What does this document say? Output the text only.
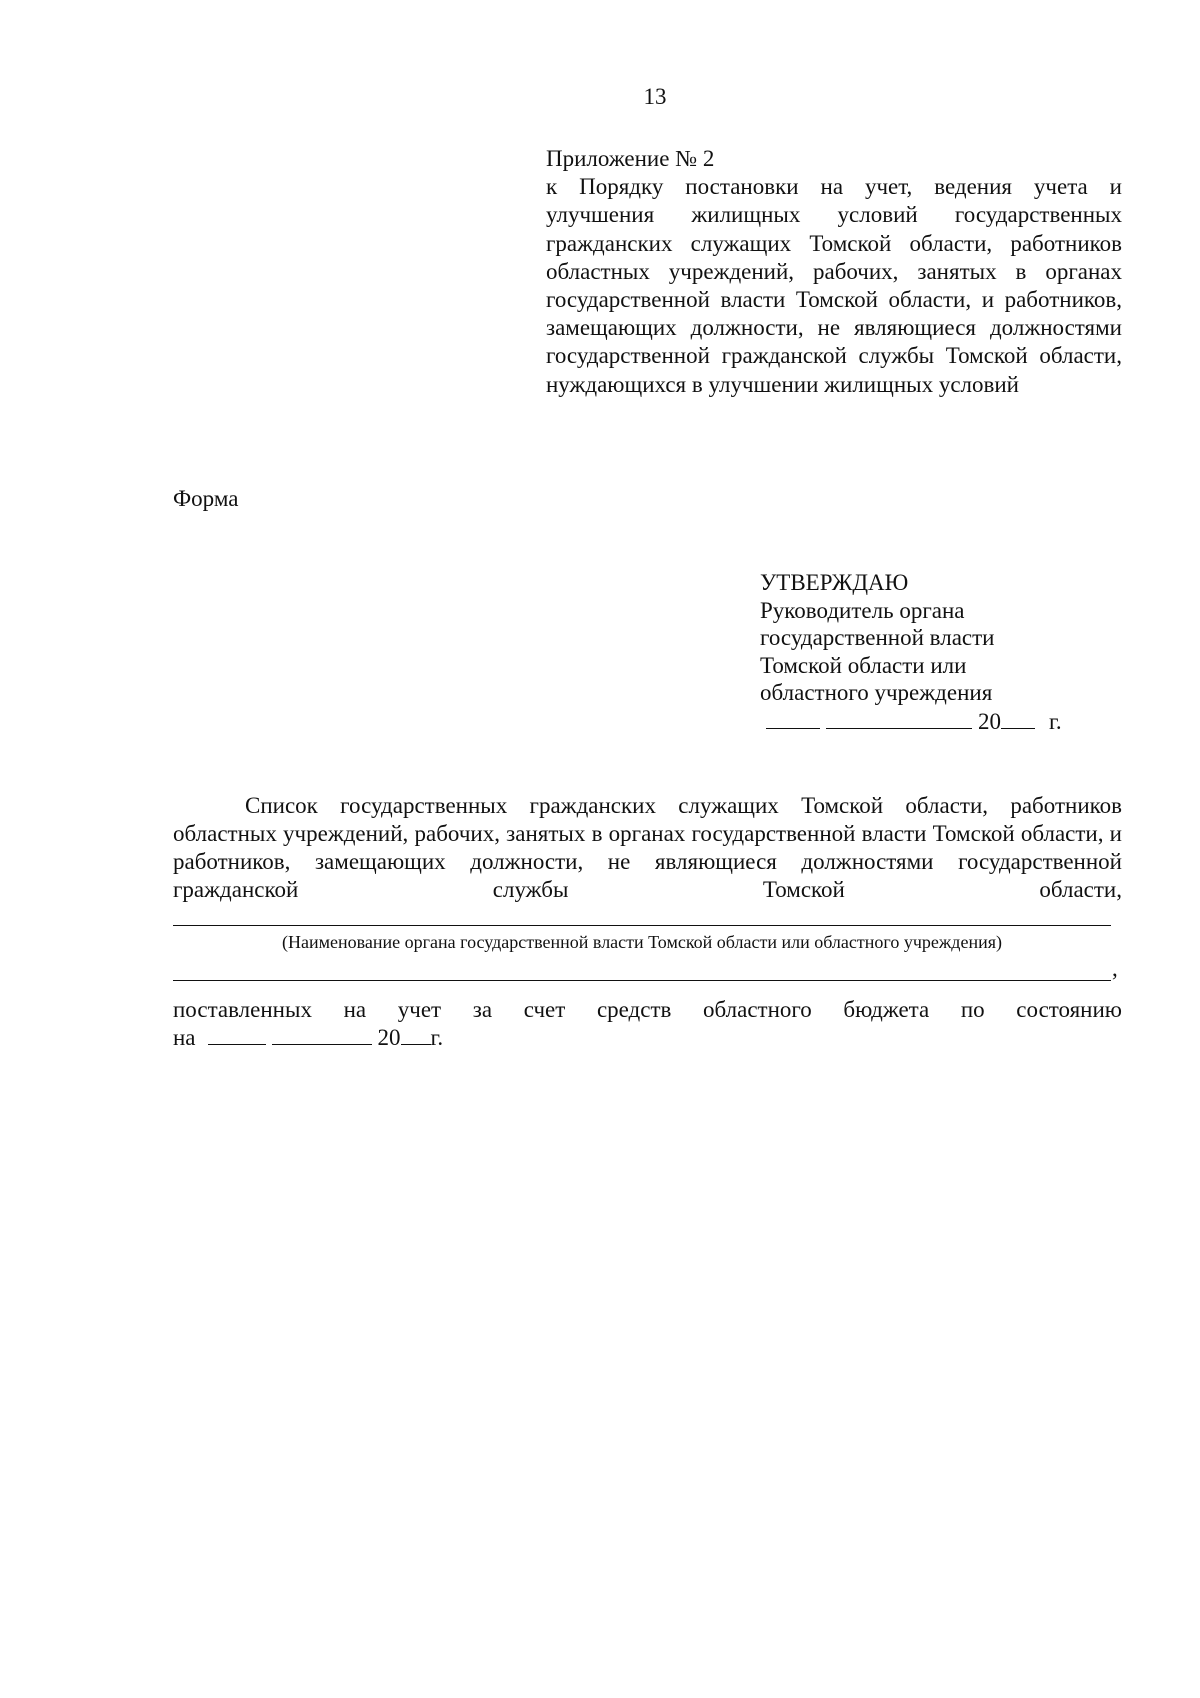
13
Приложение № 2
к Порядку постановки на учет, ведения учета и улучшения жилищных условий государственных гражданских служащих Томской области, работников областных учреждений, рабочих, занятых в органах государственной власти Томской области, и работников, замещающих должности, не являющиеся должностями государственной гражданской службы Томской области, нуждающихся в улучшении жилищных условий
Форма
УТВЕРЖДАЮ
Руководитель органа
государственной власти
Томской области или
областного учреждения
20 г.
Список государственных гражданских служащих Томской области, работников областных учреждений, рабочих, занятых в органах государственной власти Томской области, и работников, замещающих должности, не являющиеся должностями государственной гражданской службы Томской области,
(Наименование органа государственной власти Томской области или областного учреждения)
,
поставленных на учет за счет средств областного бюджета по состоянию
на	20 г.
